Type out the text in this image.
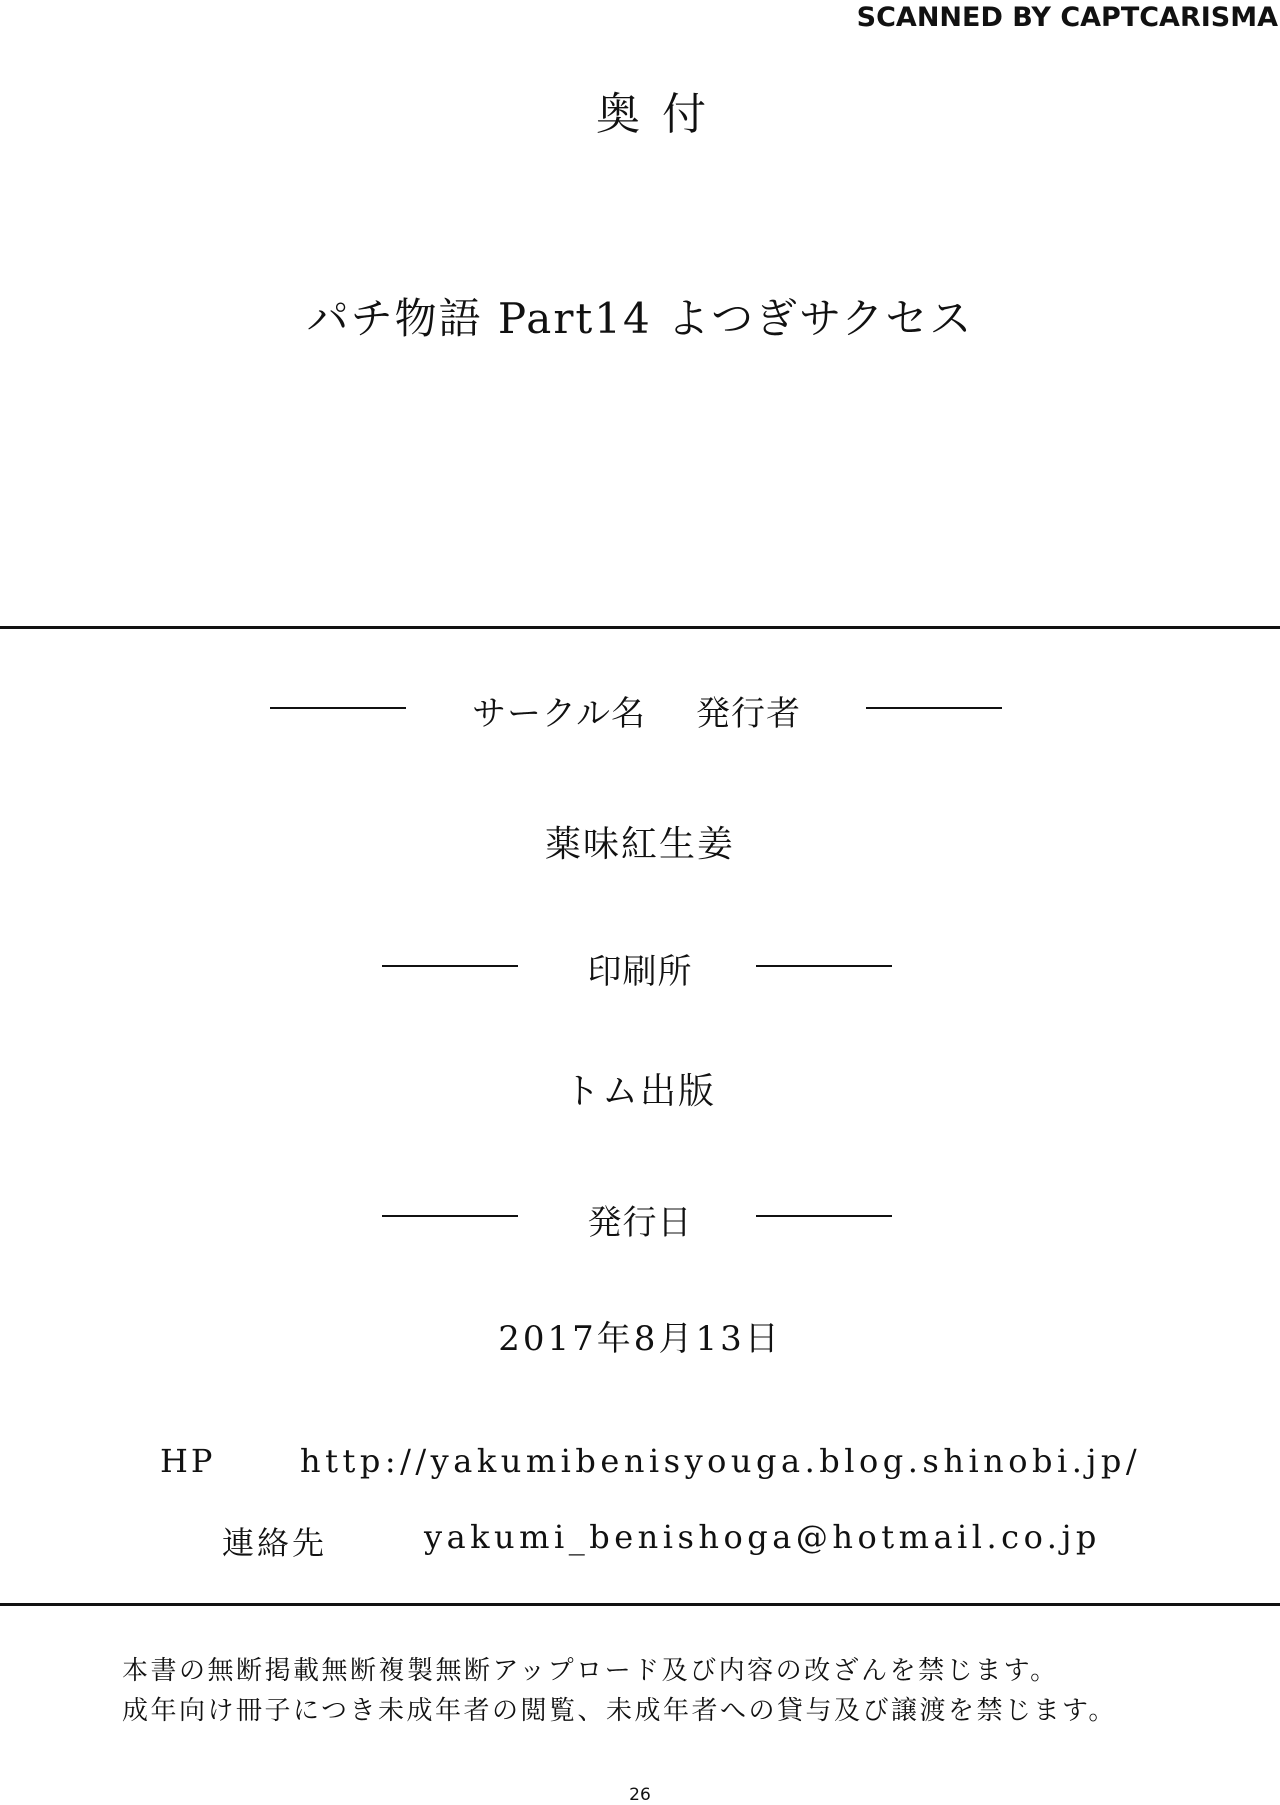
SCANNED BY CAPTCARISMA
奥付
パチ物語 Part14 よつぎサクセス
サークル名 発行者
薬味紅生姜
印刷所
トム出版
発行日
2017年8月13日
HP	http://yakumibenisyouga.blog.shinobi.jp/
連絡先	yakumi_benishoga@hotmail.co.jp
本書の無断掲載無断複製無断アップロード及び内容の改ざんを禁じます。
成年向け冊子につき未成年者の閲覧、未成年者への貸与及び譲渡を禁じます。
26
